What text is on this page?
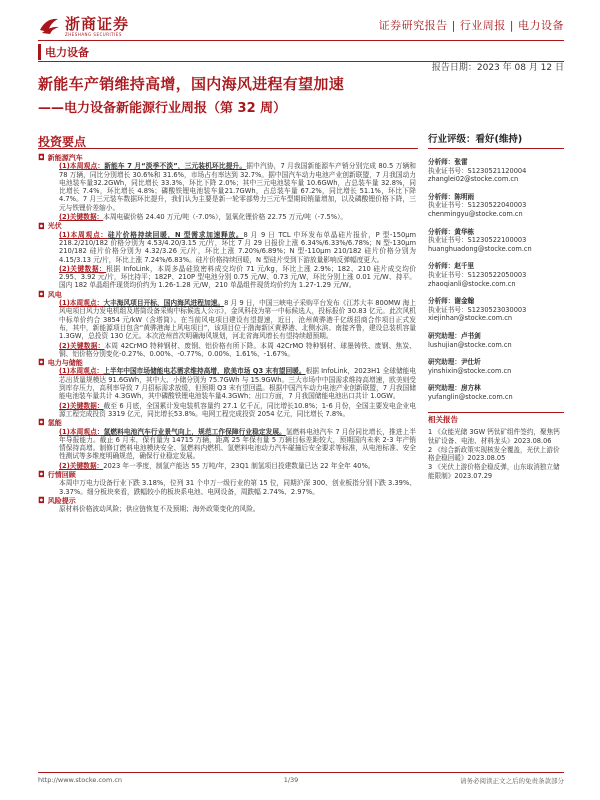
浙商证券
ZHESHANG SECURITIES
证券研究报告 | 行业周报 | 电力设备
电力设备
报告日期：2023 年 08 月 12 日
新能车产销维持高增，国内海风进程有望加速
——电力设备新能源行业周报（第 32 周）
投资要点
◘ 新能源汽车
(1)本周观点：新能车 7 月“淡季不淡”，三元装机环比提升。据中汽协，7 月我国新能源车产销分别完成 80.5 万辆和 78 万辆，同比分别增长 30.6%和 31.6%，市场占有率达到 32.7%。据中国汽车动力电池产业创新联盟，7 月我国动力电池装车量32.2GWh，同比增长 33.3%，环比下降 2.0%；其中三元电池装车量 10.6GWh，占总装车量 32.8%，同比增长 7.4%，环比增长 4.8%；磷酸铁锂电池装车量21.7GWh，占总装车量 67.2%，同比增长 51.1%，环比下降 4.7%。7 月三元装车数据环比提升，我们认为主要是新一轮零部势力三元车型期间销量增加，以及磷酸锂价格下降，三元与铁锂价差缩小。
(2)关键数据：本周电碳价格 24.40 万元/吨（-7.0%），氢氧化锂价格 22.75 万元/吨（-7.5%）。
◘ 光伏
(1)本周观点：硅片价格持续回暖，N 型需求加速释放。8 月 9 日 TCL 中环发布单晶硅片报价，P 型-150μm 218.2/210/182 价格分别为 4.53/4.20/3.15 元/片，环比 7 月 29 日报价上涨 6.34%/6.33%/6.78%；N 型-130μm 210/182 硅片价格分别为 4.32/3.26 元/片，环比上涨 7.20%/6.89%；N 型-110μm 210/182 硅片价格分别为4.15/3.13 元/片，环比上涨 7.24%/6.83%。硅片价格持续回暖，N 型硅片受到下游放量影响反弹幅度更大。
(2)关键数据：根据 InfoLink，本周多晶硅致密料成交均价 71 元/kg，环比上涨 2.9%；182、210 硅片成交均价 2.95、3.92 元/片，环比持平；182P、210P 型电池分别 0.75 元/W、0.73 元/W，环比分别上涨 0.01 元/W、持平。国内 182 单晶组件现货均价约为 1.26-1.28 元/W，210 单晶组件现货均价约为 1.27-1.29 元/W。
◘ 风电
(1)本周观点：大丰海风项目开标，国内海风进程加速。8 月 9 日，中国三峡电子采购平台发布《江苏大丰 800MW 海上风电项目风力发电机组及塔筒设备采购中标候选人公示》，金风科技为第一中标候选人，投标报价 30.83 亿元。此次风机中标单价约合 3854 元/kW（含塔筒）。在当前风电项目建设有望提速，近日，沧州黄骅港千亿级招商合作项目正式发布，其中，新能源项目包含“黄骅港海上风电项目”，该项目位于渤海新区黄骅港、北侧水滨、南接齐鲁，建设总装机容量1.3GW，总投资 130 亿元。本次沧州首次明确海风规划，河北省海风增长有望持续超预期。
(2)关键数据：本周 42CrMO 特种钢材、废钢、铝价格有所下降。本周 42CrMO 特种钢材、球墨铸铁、废钢、焦炭、铜、铝价格分别变化-0.27%、0.00%、-0.77%、0.00%、1.61%、-1.67%。
◘ 电力与储能
(1)本周观点：上半年中国市场储能电芯需求维持高增，欧美市场 Q3 末有望回暖。根据 InfoLink，2023H1 全球储能电芯出货量规模达 91.6GWh，其中大、小储分别为 75.7GWh 与 15.9GWh。三大市场中中国需求维持高增速，欧美则受到库存压力，高利率导致 7 月招标需求放缓，但预期 Q3 末有望回温。根据中国汽车动力电池产业创新联盟，7 月我国储能电池装车量共计 4.3GWh，其中磷酸铁锂电池装车量4.3GWh；出口方面，7 月我国储能电池出口共计 1.0GW。
(2)关键数据：截至 6 月底，全国累计发电装机容量约 27.1 亿千瓦，同比增长10.8%；1-6 月份，全国主要发电企业电源工程完成投资 3319 亿元，同比增长53.8%。电网工程完成投资 2054 亿元，同比增长 7.8%。
◘ 氢能
(1)本周观点：氢燃料电池汽车行业景气向上，规范工作保障行业稳定发展。氢燃料电池汽车 7 月份同比增长，推进上半年导报能力。截止 6 月末，保有量为 14715 万辆，距离 25 年保有量 5 万辆目标差距较大，预期国内未来 2-3 年产销情保持高增。制修订燃料电池模块安全、氢燃料内燃机、氢燃料电池动力汽车碰撞后安全要求等标准，从电池标准、安全性测试等多维度明确规范，确保行业稳定发展。
(2)关键数据：2023 年一季度，制氢产能达 55 万吨/年，23Q1 制氢项目投建数量已达 22 年全年 40%。
◘ 行情回顾
本周申万电力设备行业下跌 3.18%，位列 31 个申万一级行业的第 15 位，同期沪深 300、创业板指分别下跌 3.39%、3.37%。细分板块来看，跌幅较小的板块系电池、电网设备，周跌幅 2.74%、2.97%。
◘ 风险提示
原材料价格波动风险；供应链恢复不及预期；海外政策变化的风险。
行业评级：看好(维持)
分析师：张雷
执业证书号：S1230521120004
zhanglei02@stocke.com.cn
分析师：陈明雨
执业证书号：S1230522040003
chenmingyu@stocke.com.cn
分析师：黄华栋
执业证书号：S1230522100003
huanghuadong@stocke.com.cn
分析师：赵千里
执业证书号：S1230522050003
zhaoqianli@stocke.com.cn
分析师：谢金翰
执业证书号：S1230523030003
xiejinhan@stocke.com.cn
研究助理：卢书剑
lushujian@stocke.com.cn
研究助理：尹仕圻
yinshixin@stocke.com.cn
研究助理：房方林
yufanglin@stocke.com.cn
相关报告
1 《众能光储 3GW 钙钛矿组件签约，聚焦钙钛矿设备、电池、材料龙头》2023.08.06
2 《综合新政策实现核发全覆盖，光伏上游价格企稳回暖》2023.08.05
3 《光伏上游价格企稳反弹，山东取消独立储能限制》2023.07.29
http://www.stocke.com.cn	1/39	请务必阅读正文之后的免责条款部分
